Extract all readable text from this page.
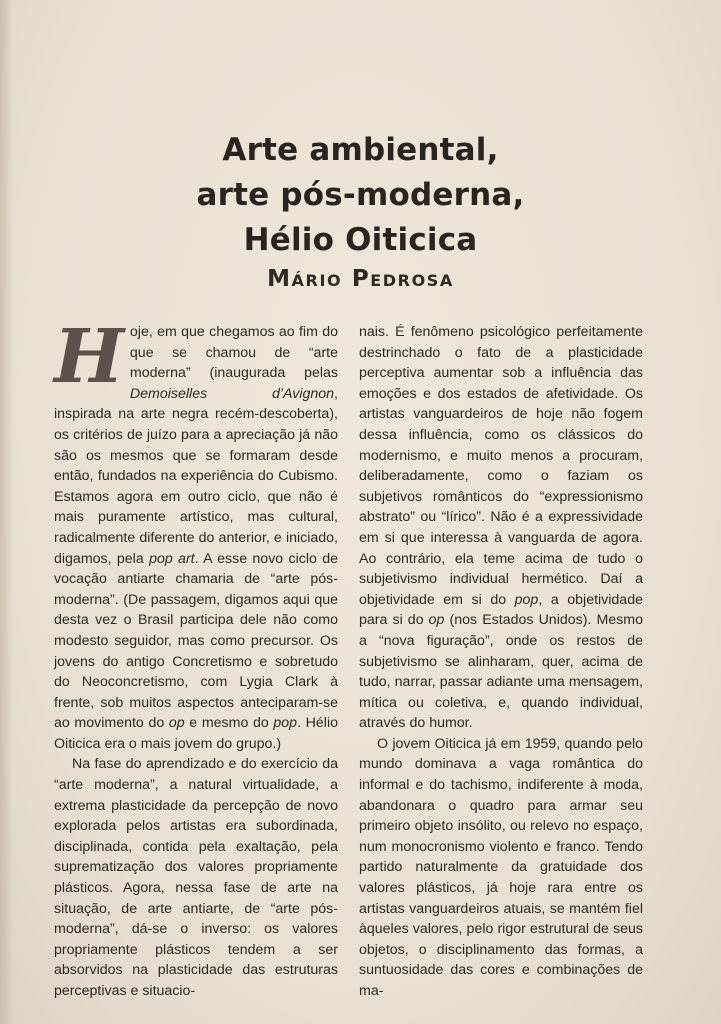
Arte ambiental,
arte pós-moderna,
Hélio Oiticica
Mário Pedrosa

Hoje, em que chegamos ao fim do que se chamou de “arte moderna” (inaugurada pelas Demoiselles d’Avignon, inspirada na arte negra recém-descoberta), os critérios de juízo para a apreciação já não são os mesmos que se formaram desde então, fundados na experiência do Cubismo. Estamos agora em outro ciclo, que não é mais puramente artístico, mas cultural, radicalmente diferente do anterior, e iniciado, digamos, pela pop art. A esse novo ciclo de vocação antiarte chamaria de “arte pós-moderna”. (De passagem, digamos aqui que desta vez o Brasil participa dele não como modesto seguidor, mas como precursor. Os jovens do antigo Concretismo e sobretudo do Neoconcretismo, com Lygia Clark à frente, sob muitos aspectos anteciparam-se ao movimento do op e mesmo do pop. Hélio Oiticica era o mais jovem do grupo.)

Na fase do aprendizado e do exercício da “arte moderna”, a natural virtualidade, a extrema plasticidade da percepção de novo explorada pelos artistas era subordinada, disciplinada, contida pela exaltação, pela suprematização dos valores propriamente plásticos. Agora, nessa fase de arte na situação, de arte antiarte, de “arte pós-moderna”, dá-se o inverso: os valores propriamente plásticos tendem a ser absorvidos na plasticidade das estruturas perceptivas e situacio-

nais. É fenômeno psicológico perfeitamente destrinchado o fato de a plasticidade perceptiva aumentar sob a influência das emoções e dos estados de afetividade. Os artistas vanguardeiros de hoje não fogem dessa influência, como os clássicos do modernismo, e muito menos a procuram, deliberadamente, como o faziam os subjetivos românticos do “expressionismo abstrato” ou “lírico”. Não é a expressividade em si que interessa à vanguarda de agora. Ao contrário, ela teme acima de tudo o subjetivismo individual hermético. Daí a objetividade em si do pop, a objetividade para si do op (nos Estados Unidos). Mesmo a “nova figuração”, onde os restos de subjetivismo se alinharam, quer, acima de tudo, narrar, passar adiante uma mensagem, mítica ou coletiva, e, quando individual, através do humor.

O jovem Oiticica já em 1959, quando pelo mundo dominava a vaga romântica do informal e do tachismo, indiferente à moda, abandonara o quadro para armar seu primeiro objeto insólito, ou relevo no espaço, num monocronismo violento e franco. Tendo partido naturalmente da gratuidade dos valores plásticos, já hoje rara entre os artistas vanguardeiros atuais, se mantém fiel àqueles valores, pelo rigor estrutural de seus objetos, o disciplinamento das formas, a suntuosidade das cores e combinações de ma-
